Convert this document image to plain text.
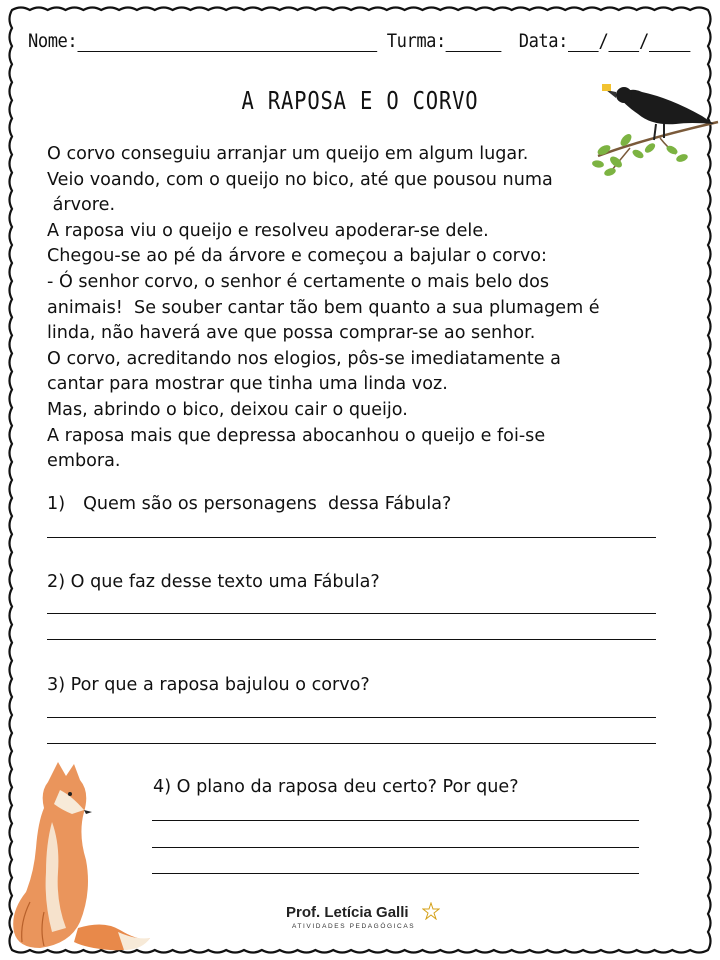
Nome:	Turma:	Data: / /
A RAPOSA E O CORVO

O corvo conseguiu arranjar um queijo em algum lugar.

Veio voando, com o queijo no bico, até que pousou numa

árvore.

A raposa viu o queijo e resolveu apoderar-se dele.

Chegou-se ao pé da árvore e começou a bajular o corvo:

- Ó senhor corvo, o senhor é certamente o mais belo dos

animais!  Se souber cantar tão bem quanto a sua plumagem é

linda, não haverá ave que possa comprar-se ao senhor.

O corvo, acreditando nos elogios, pôs-se imediatamente a

cantar para mostrar que tinha uma linda voz.

Mas, abrindo o bico, deixou cair o queijo.

A raposa mais que depressa abocanhou o queijo e foi-se

embora.

1) Quem são os personagens  dessa Fábula?
2) O que faz desse texto uma Fábula?
3) Por que a raposa bajulou o corvo?
4) O plano da raposa deu certo? Por que?
Prof. Letícia Galli
ATIVIDADES PEDAGÓGICAS
